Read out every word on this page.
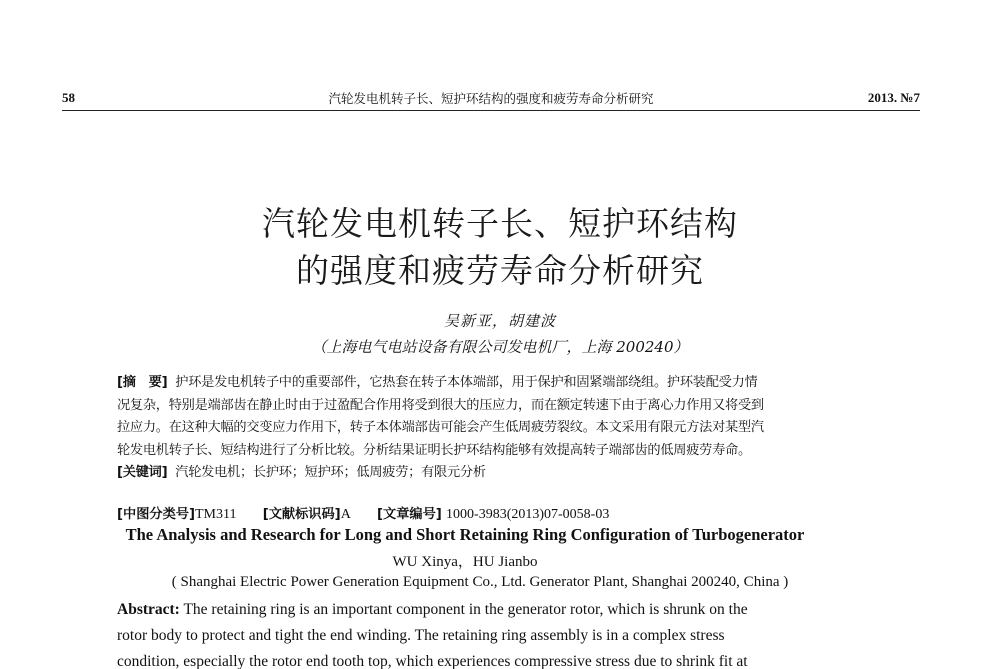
58	汽轮发电机转子长、短护环结构的强度和疲劳寿命分析研究	2013. №7
汽轮发电机转子长、短护环结构
的强度和疲劳寿命分析研究
吴新亚，胡建波
（上海电气电站设备有限公司发电机厂，上海 200240）
[摘　要] 护环是发电机转子中的重要部件，它热套在转子本体端部，用于保护和固紧端部绕组。护环装配受力情
况复杂，特别是端部齿在静止时由于过盈配合作用将受到很大的压应力，而在额定转速下由于离心力作用又将受到
拉应力。在这种大幅的交变应力作用下，转子本体端部齿可能会产生低周疲劳裂纹。本文采用有限元方法对某型汽
轮发电机转子长、短结构进行了分析比较。分析结果证明长护环结构能够有效提高转子端部齿的低周疲劳寿命。
[关键词] 汽轮发电机；长护环；短护环；低周疲劳；有限元分析
[中图分类号]TM311 [文献标识码]A [文章编号] 1000-3983(2013)07-0058-03
The Analysis and Research for Long and Short Retaining Ring Configuration of Turbogenerator
WU Xinya，HU Jianbo
( Shanghai Electric Power Generation Equipment Co., Ltd. Generator Plant, Shanghai 200240, China )
Abstract: The retaining ring is an important component in the generator rotor, which is shrunk on the
rotor body to protect and tight the end winding. The retaining ring assembly is in a complex stress
condition, especially the rotor end tooth top, which experiences compressive stress due to shrink fit at
